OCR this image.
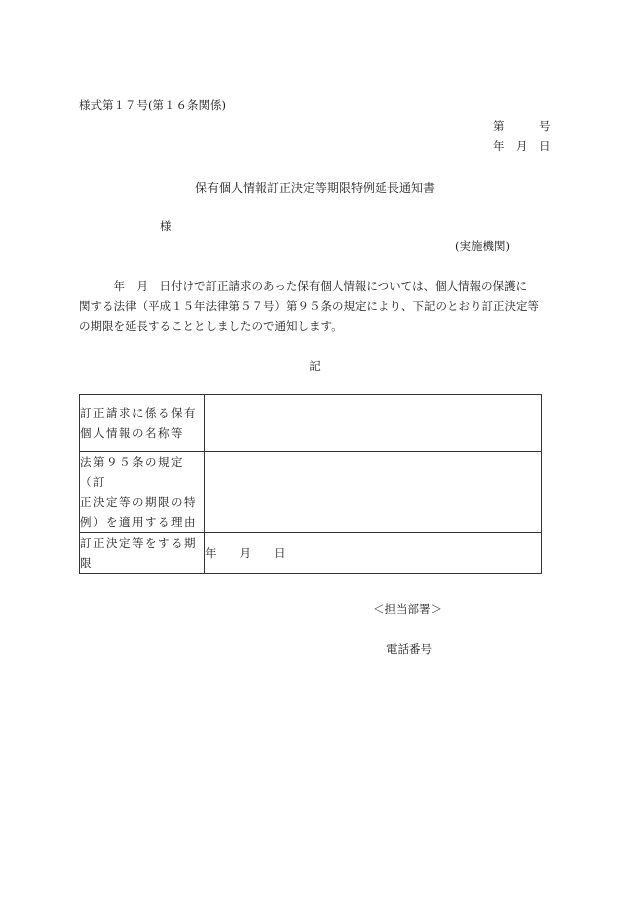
様式第１７号(第１６条関係)
第　　　号
年　月　日
保有個人情報訂正決定等期限特例延長通知書
様
(実施機関)
　　　年　月　日付けで訂正請求のあった保有個人情報については、個人情報の保護に
関する法律（平成１５年法律第５７号）第９５条の規定により、下記のとおり訂正決定等
の期限を延長することとしましたので通知します。
記
訂正請求に係る保有
個人情報の名称等	
法第９５条の規定（訂
正決定等の期限の特
例）を適用する理由	
訂正決定等をする期
限	年　　月　　日
＜担当部署＞
電話番号
